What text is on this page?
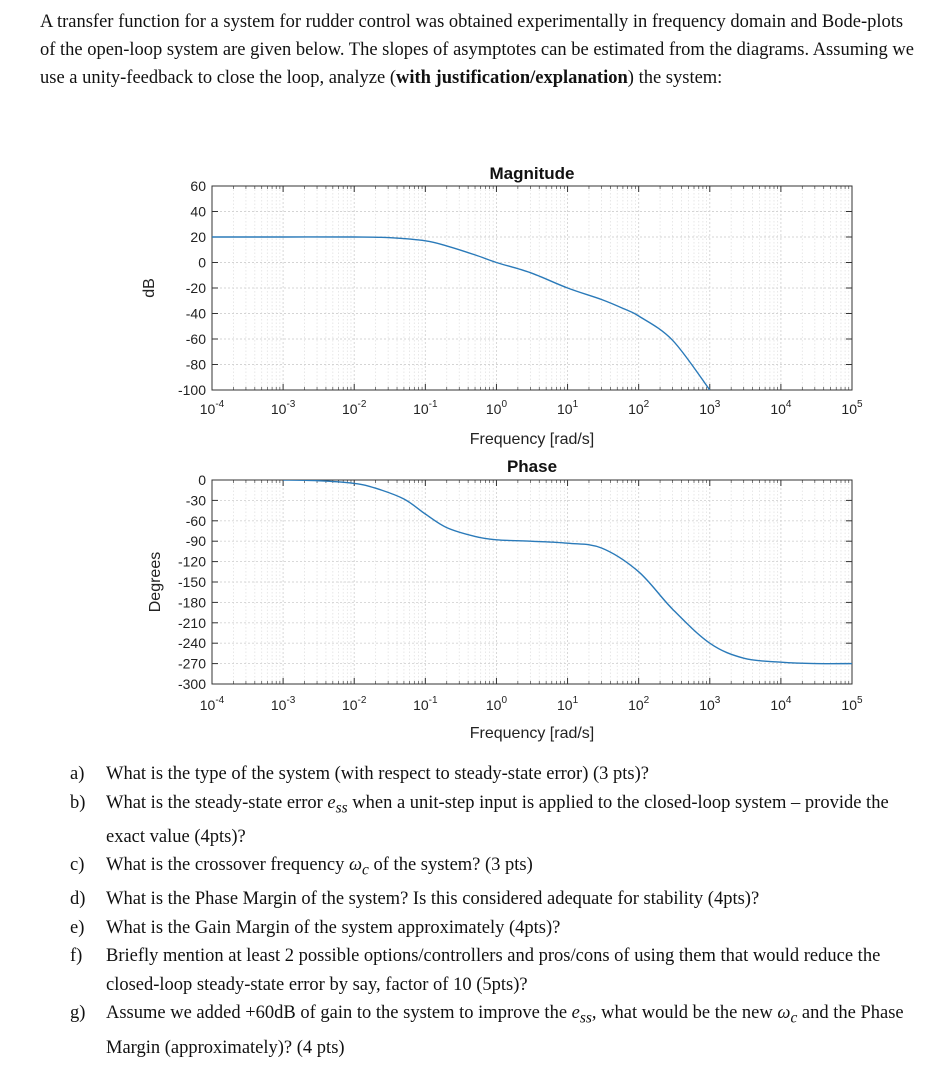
A transfer function for a system for rudder control was obtained experimentally in frequency domain and Bode-plots of the open-loop system are given below. The slopes of asymptotes can be estimated from the diagrams. Assuming we use a unity-feedback to close the loop, analyze (with justification/explanation) the system:

60
40
20
0
-20
-40
-60
-80
-100
$10^{-4}$	$10^{-3}$	$10^{-2}$	$10^{-1}$	$10^0$	$10^1$	$10^2$	$10^3$	$10^4$	$10^5$
Magnitude
Frequency [rad/s]
dB
0
-30
-60
-90
-120
-150
-180
-210
-240
-270
-300
$10^{-4}$	$10^{-3}$	$10^{-2}$	$10^{-1}$	$10^0$	$10^1$	$10^2$	$10^3$	$10^4$	$10^5$
Phase
Frequency [rad/s]
Degrees
a)	What is the type of the system (with respect to steady-state error) (3 pts)?
b)	What is the steady-state error $e_{ss}$ when a unit-step input is applied to the closed-loop system – provide the exact value (4pts)?
c)	What is the crossover frequency $\omega_c$ of the system? (3 pts)
d)	What is the Phase Margin of the system? Is this considered adequate for stability (4pts)?
e)	What is the Gain Margin of the system approximately (4pts)?
f)	Briefly mention at least 2 possible options/controllers and pros/cons of using them that would reduce the closed-loop steady-state error by say, factor of 10 (5pts)?
g)	Assume we added +60dB of gain to the system to improve the $e_{ss}$, what would be the new $\omega_c$ and the Phase Margin (approximately)? (4 pts)
